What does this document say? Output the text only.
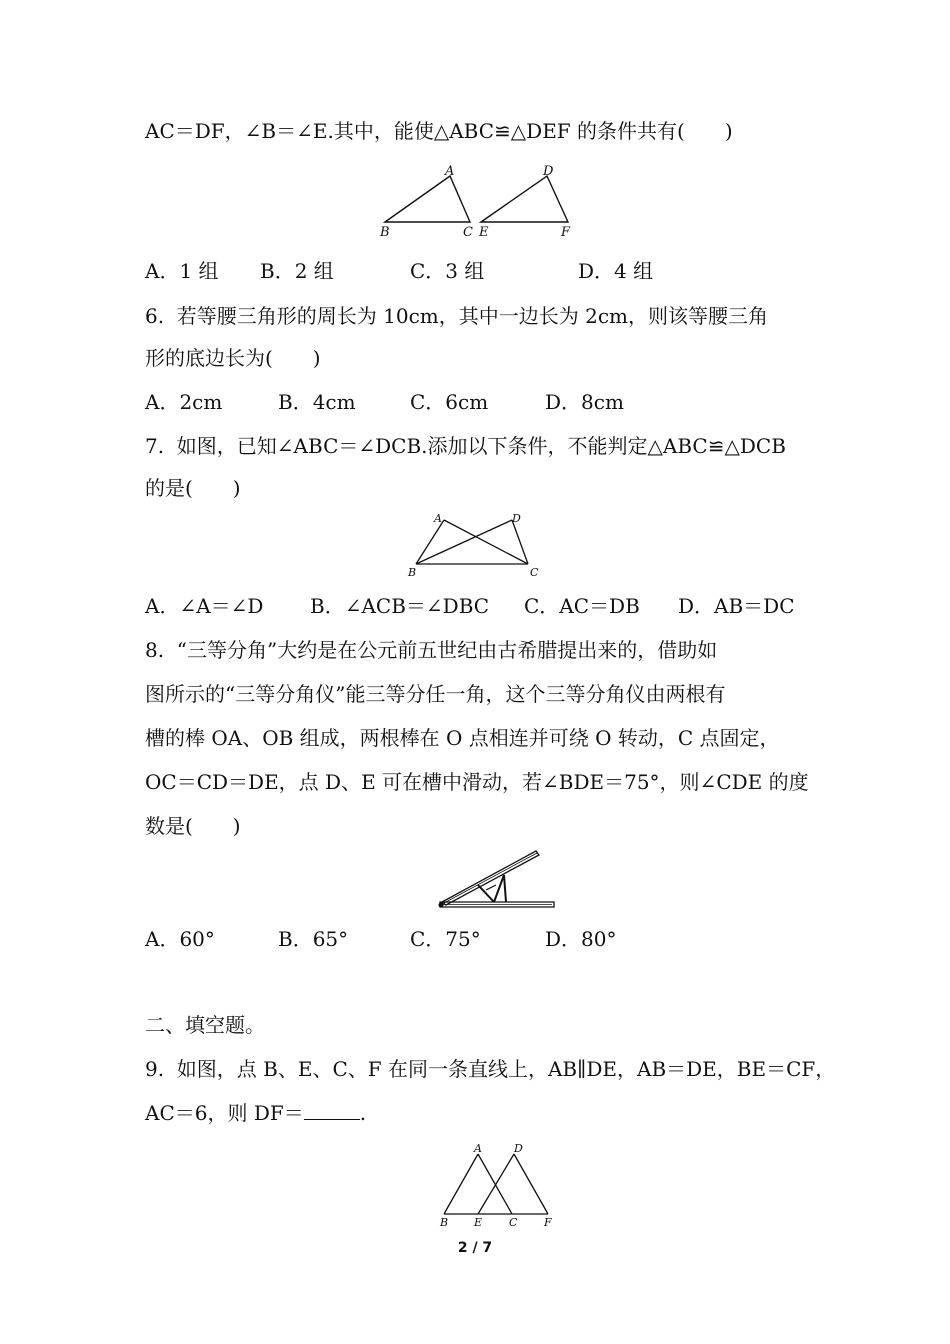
AC＝DF，∠B＝∠E.其中，能使△ABC≌△DEF 的条件共有(　　)
A
B	C
D
E	F
A．1 组 B．2 组	C．3 组	D．4 组
6.  若等腰三角形的周长为 10cm，其中一边长为 2cm，则该等腰三角
形的底边长为(　　)
A．2cm	B．4cm	C．6cm	D．8cm
7.  如图，已知∠ABC＝∠DCB.添加以下条件，不能判定△ABC≌△DCB
的是(　　)
A
B	C
D
A．∠A＝∠D B．∠ACB＝∠DBC C．AC＝DB D．AB＝DC
8.  “三等分角”大约是在公元前五世纪由古希腊提出来的，借助如
图所示的“三等分角仪”能三等分任一角，这个三等分角仪由两根有
槽的棒 OA、OB 组成，两根棒在 O 点相连并可绕 O 转动，C 点固定，
OC＝CD＝DE，点 D、E 可在槽中滑动，若∠BDE＝75°，则∠CDE 的度
数是(　　)
A．60°	B．65°	C．75°	D．80°
二、填空题。
9.  如图，点 B、E、C、F 在同一条直线上，AB∥DE，AB＝DE，BE＝CF，
AC＝6，则 DF＝	.
A
B E C F
D
2 / 7
